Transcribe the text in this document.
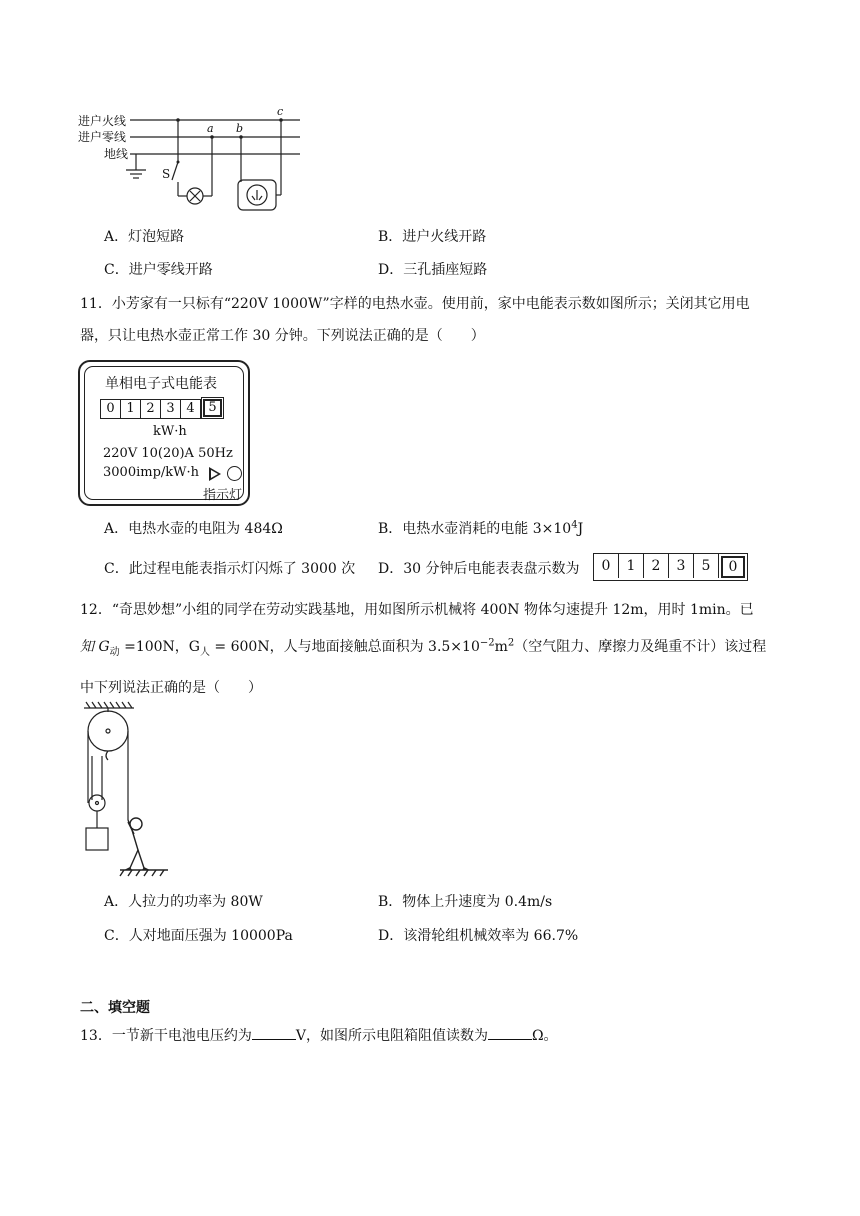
进户火线
进户零线
地线
a b
c
S
A．灯泡短路	B．进户火线开路
C．进户零线开路	D．三孔插座短路
11．小芳家有一只标有“220V 1000W”字样的电热水壶。使用前，家中电能表示数如图所示；关闭其它用电
器，只让电热水壶正常工作 30 分钟。下列说法正确的是（　　）
单相电子式电能表
0 1 2 3 4	5
kW·h
220V 10(20)A 50Hz
3000imp/kW·h
指示灯
A．电热水壶的电阻为 484Ω	B．电热水壶消耗的电能 $3\times 10^4J$
C．此过程电能表指示灯闪烁了 3000 次 D．30 分钟后电能表表盘示数为	0	1	2	3	5	0
12．“奇思妙想”小组的同学在劳动实践基地，用如图所示机械将 400N 物体匀速提升 12m，用时 1min。已
知 $G_动 =100N$，$G_人 = 600N$，人与地面接触总面积为 $3.5\times 10^{-2}m^2$（空气阻力、摩擦力及绳重不计）该过程
中下列说法正确的是（　　）
A．人拉力的功率为 80W	B．物体上升速度为 0.4m/s
C．人对地面压强为 10000Pa	D．该滑轮组机械效率为 66.7%
二、填空题
13．一节新干电池电压约为	V，如图所示电阻箱阻值读数为	Ω。
